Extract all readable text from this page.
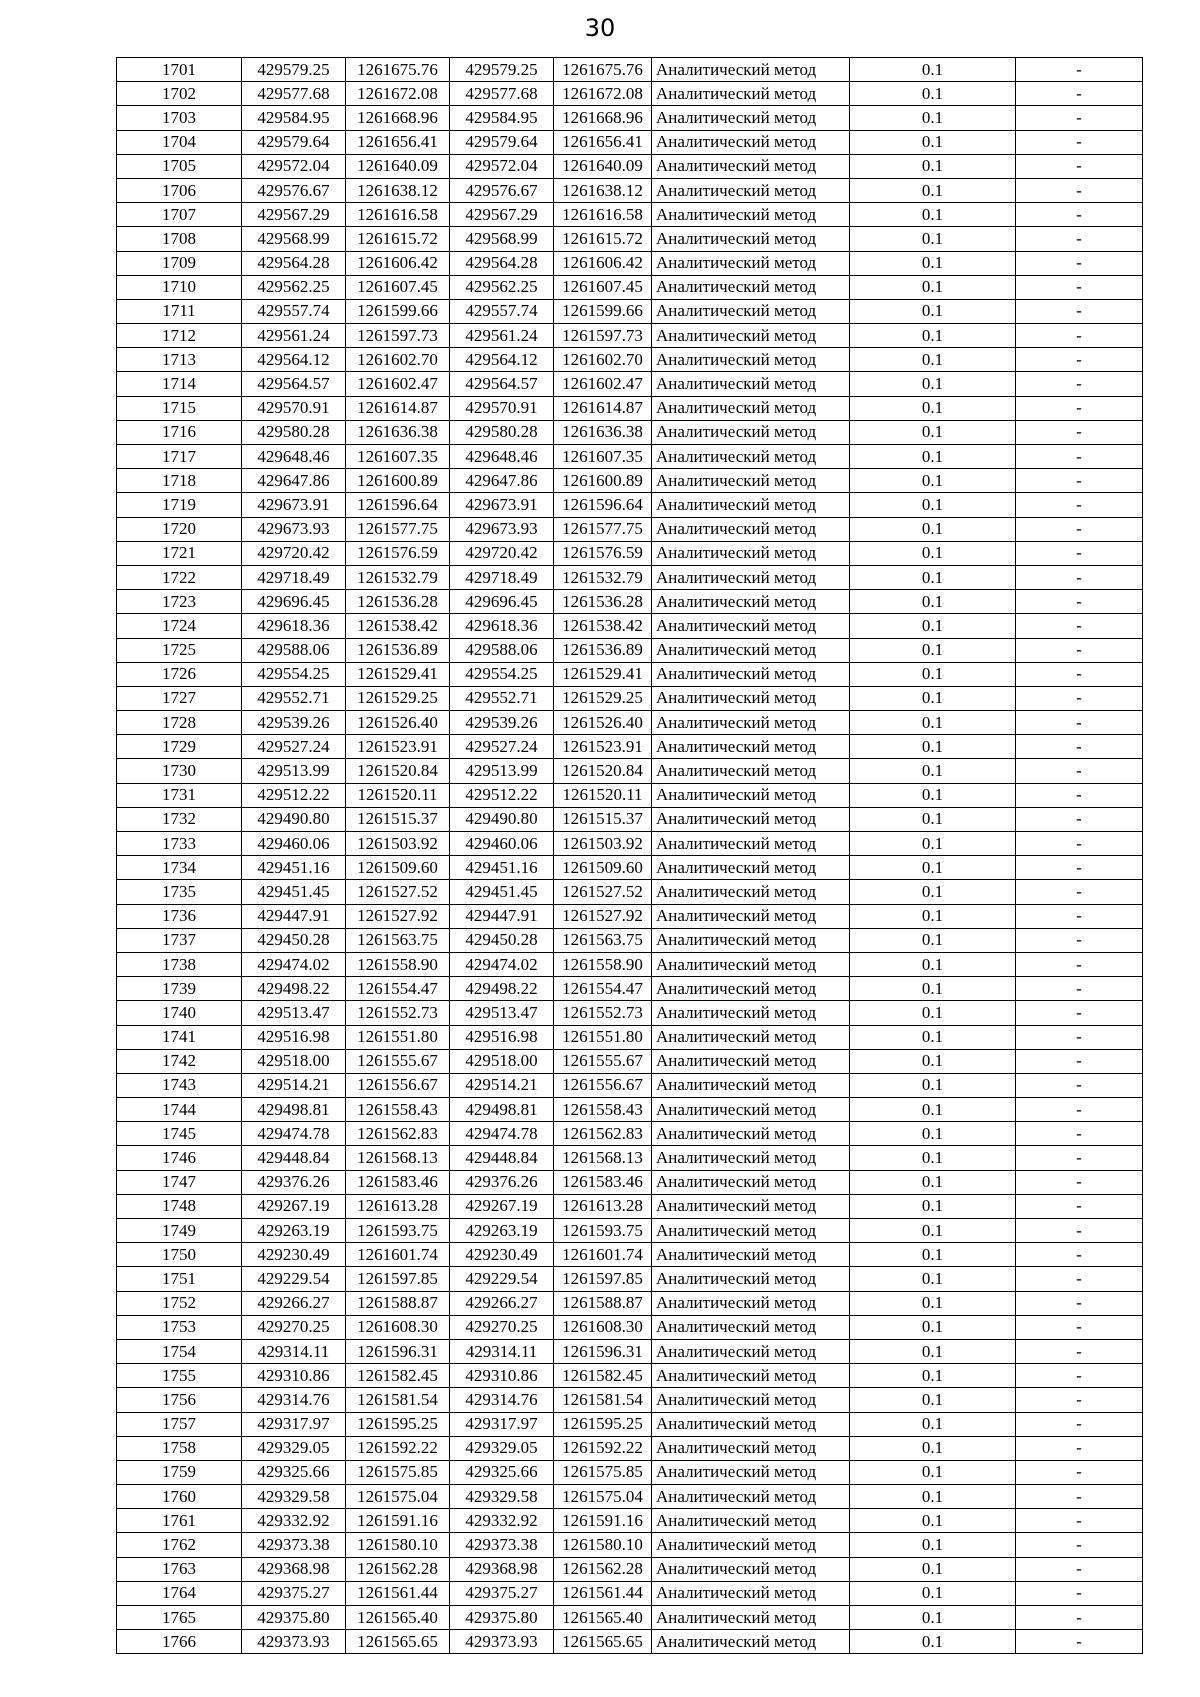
30
1701	429579.25	1261675.76	429579.25	1261675.76	Аналитический метод	0.1	-
1702	429577.68	1261672.08	429577.68	1261672.08	Аналитический метод	0.1	-
1703	429584.95	1261668.96	429584.95	1261668.96	Аналитический метод	0.1	-
1704	429579.64	1261656.41	429579.64	1261656.41	Аналитический метод	0.1	-
1705	429572.04	1261640.09	429572.04	1261640.09	Аналитический метод	0.1	-
1706	429576.67	1261638.12	429576.67	1261638.12	Аналитический метод	0.1	-
1707	429567.29	1261616.58	429567.29	1261616.58	Аналитический метод	0.1	-
1708	429568.99	1261615.72	429568.99	1261615.72	Аналитический метод	0.1	-
1709	429564.28	1261606.42	429564.28	1261606.42	Аналитический метод	0.1	-
1710	429562.25	1261607.45	429562.25	1261607.45	Аналитический метод	0.1	-
1711	429557.74	1261599.66	429557.74	1261599.66	Аналитический метод	0.1	-
1712	429561.24	1261597.73	429561.24	1261597.73	Аналитический метод	0.1	-
1713	429564.12	1261602.70	429564.12	1261602.70	Аналитический метод	0.1	-
1714	429564.57	1261602.47	429564.57	1261602.47	Аналитический метод	0.1	-
1715	429570.91	1261614.87	429570.91	1261614.87	Аналитический метод	0.1	-
1716	429580.28	1261636.38	429580.28	1261636.38	Аналитический метод	0.1	-
1717	429648.46	1261607.35	429648.46	1261607.35	Аналитический метод	0.1	-
1718	429647.86	1261600.89	429647.86	1261600.89	Аналитический метод	0.1	-
1719	429673.91	1261596.64	429673.91	1261596.64	Аналитический метод	0.1	-
1720	429673.93	1261577.75	429673.93	1261577.75	Аналитический метод	0.1	-
1721	429720.42	1261576.59	429720.42	1261576.59	Аналитический метод	0.1	-
1722	429718.49	1261532.79	429718.49	1261532.79	Аналитический метод	0.1	-
1723	429696.45	1261536.28	429696.45	1261536.28	Аналитический метод	0.1	-
1724	429618.36	1261538.42	429618.36	1261538.42	Аналитический метод	0.1	-
1725	429588.06	1261536.89	429588.06	1261536.89	Аналитический метод	0.1	-
1726	429554.25	1261529.41	429554.25	1261529.41	Аналитический метод	0.1	-
1727	429552.71	1261529.25	429552.71	1261529.25	Аналитический метод	0.1	-
1728	429539.26	1261526.40	429539.26	1261526.40	Аналитический метод	0.1	-
1729	429527.24	1261523.91	429527.24	1261523.91	Аналитический метод	0.1	-
1730	429513.99	1261520.84	429513.99	1261520.84	Аналитический метод	0.1	-
1731	429512.22	1261520.11	429512.22	1261520.11	Аналитический метод	0.1	-
1732	429490.80	1261515.37	429490.80	1261515.37	Аналитический метод	0.1	-
1733	429460.06	1261503.92	429460.06	1261503.92	Аналитический метод	0.1	-
1734	429451.16	1261509.60	429451.16	1261509.60	Аналитический метод	0.1	-
1735	429451.45	1261527.52	429451.45	1261527.52	Аналитический метод	0.1	-
1736	429447.91	1261527.92	429447.91	1261527.92	Аналитический метод	0.1	-
1737	429450.28	1261563.75	429450.28	1261563.75	Аналитический метод	0.1	-
1738	429474.02	1261558.90	429474.02	1261558.90	Аналитический метод	0.1	-
1739	429498.22	1261554.47	429498.22	1261554.47	Аналитический метод	0.1	-
1740	429513.47	1261552.73	429513.47	1261552.73	Аналитический метод	0.1	-
1741	429516.98	1261551.80	429516.98	1261551.80	Аналитический метод	0.1	-
1742	429518.00	1261555.67	429518.00	1261555.67	Аналитический метод	0.1	-
1743	429514.21	1261556.67	429514.21	1261556.67	Аналитический метод	0.1	-
1744	429498.81	1261558.43	429498.81	1261558.43	Аналитический метод	0.1	-
1745	429474.78	1261562.83	429474.78	1261562.83	Аналитический метод	0.1	-
1746	429448.84	1261568.13	429448.84	1261568.13	Аналитический метод	0.1	-
1747	429376.26	1261583.46	429376.26	1261583.46	Аналитический метод	0.1	-
1748	429267.19	1261613.28	429267.19	1261613.28	Аналитический метод	0.1	-
1749	429263.19	1261593.75	429263.19	1261593.75	Аналитический метод	0.1	-
1750	429230.49	1261601.74	429230.49	1261601.74	Аналитический метод	0.1	-
1751	429229.54	1261597.85	429229.54	1261597.85	Аналитический метод	0.1	-
1752	429266.27	1261588.87	429266.27	1261588.87	Аналитический метод	0.1	-
1753	429270.25	1261608.30	429270.25	1261608.30	Аналитический метод	0.1	-
1754	429314.11	1261596.31	429314.11	1261596.31	Аналитический метод	0.1	-
1755	429310.86	1261582.45	429310.86	1261582.45	Аналитический метод	0.1	-
1756	429314.76	1261581.54	429314.76	1261581.54	Аналитический метод	0.1	-
1757	429317.97	1261595.25	429317.97	1261595.25	Аналитический метод	0.1	-
1758	429329.05	1261592.22	429329.05	1261592.22	Аналитический метод	0.1	-
1759	429325.66	1261575.85	429325.66	1261575.85	Аналитический метод	0.1	-
1760	429329.58	1261575.04	429329.58	1261575.04	Аналитический метод	0.1	-
1761	429332.92	1261591.16	429332.92	1261591.16	Аналитический метод	0.1	-
1762	429373.38	1261580.10	429373.38	1261580.10	Аналитический метод	0.1	-
1763	429368.98	1261562.28	429368.98	1261562.28	Аналитический метод	0.1	-
1764	429375.27	1261561.44	429375.27	1261561.44	Аналитический метод	0.1	-
1765	429375.80	1261565.40	429375.80	1261565.40	Аналитический метод	0.1	-
1766	429373.93	1261565.65	429373.93	1261565.65	Аналитический метод	0.1	-
